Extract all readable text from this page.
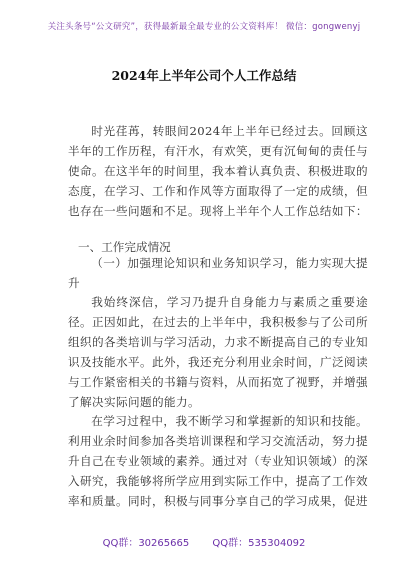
关注头条号“公文研究”，获得最新最全最专业的公文资料库！ 微信：gongwenyj
2024年上半年公司个人工作总结

时光荏苒，转眼间2024年上半年已经过去。回顾这半年的工作历程，有汗水，有欢笑，更有沉甸甸的责任与使命。在这半年的时间里，我本着认真负责、积极进取的态度，在学习、工作和作风等方面取得了一定的成绩，但也存在一些问题和不足。现将上半年个人工作总结如下：

一、工作完成情况

（一）加强理论知识和业务知识学习，能力实现大提升

我始终深信，学习乃提升自身能力与素质之重要途径。正因如此，在过去的上半年中，我积极参与了公司所组织的各类培训与学习活动，力求不断提高自己的专业知识及技能水平。此外，我还充分利用业余时间，广泛阅读与工作紧密相关的书籍与资料，从而拓宽了视野，并增强了解决实际问题的能力。

在学习过程中，我不断学习和掌握新的知识和技能。利用业余时间参加各类培训课程和学习交流活动，努力提升自己在专业领域的素养。通过对（专业知识领域）的深入研究，我能够将所学应用到实际工作中，提高了工作效率和质量。同时，积极与同事分享自己的学习成果，促进

QQ群：30265665 QQ群：535304092
